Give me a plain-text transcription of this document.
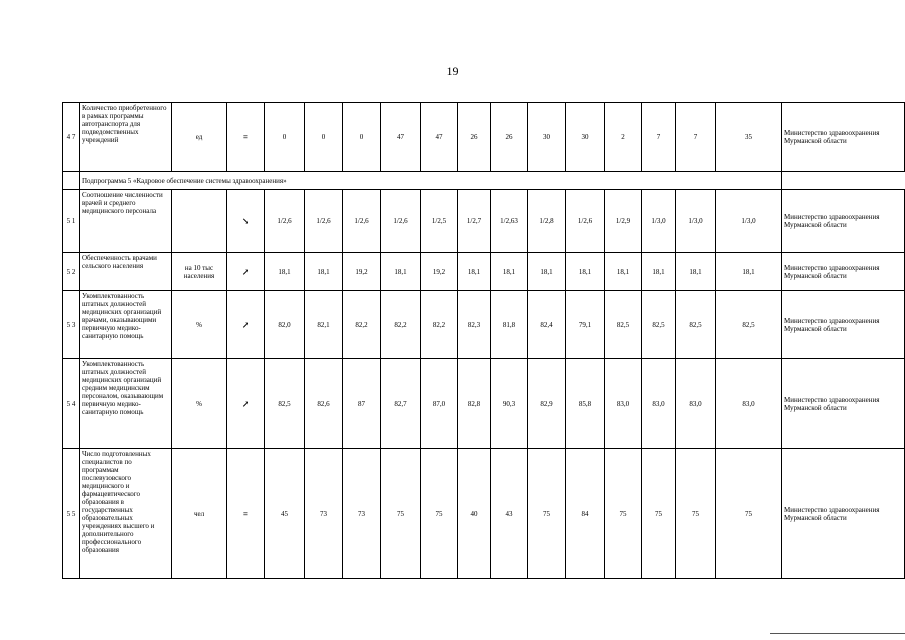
19
4 7	Количество приобретенного в рамках программы автотранспорта для подведомственных учреждений	ед	=	0	0	0	47	47	26	26	30	30	2	7	7	35	Министерство здравоохранения Мурманской области
	Подпрограмма 5 «Кадровое обеспечение системы здравоохранения»																
5 1	Соотношение численности врачей и среднего медицинского персонала		↘	1/2,6	1/2,6	1/2,6	1/2,6	1/2,5	1/2,7	1/2,63	1/2,8	1/2,6	1/2,9	1/3,0	1/3,0	1/3,0	Министерство здравоохранения Мурманской области
5 2	Обеспеченность врачами сельского населения	на 10 тыс населения	↗	18,1	18,1	19,2	18,1	19,2	18,1	18,1	18,1	18,1	18,1	18,1	18,1	18,1	Министерство здравоохранения Мурманской области
5 3	Укомплектованность штатных должностей медицинских организаций врачами, оказывающими первичную медико-санитарную помощь	%	↗	82,0	82,1	82,2	82,2	82,2	82,3	81,8	82,4	79,1	82,5	82,5	82,5	82,5	Министерство здравоохранения Мурманской области
5 4	Укомплектованность штатных должностей медицинских организаций средним медицинским персоналом, оказывающим первичную медико-санитарную помощь	%	↗	82,5	82,6	87	82,7	87,0	82,8	90,3	82,9	85,8	83,0	83,0	83,0	83,0	Министерство здравоохранения Мурманской области
5 5	Число подготовленных специалистов по программам послевузовского медицинского и фармацевтического образования в государственных образовательных учреждениях высшего и дополнительного профессионального образования	чел	=	45	73	73	75	75	40	43	75	84	75	75	75	75	Министерство здравоохранения Мурманской области
